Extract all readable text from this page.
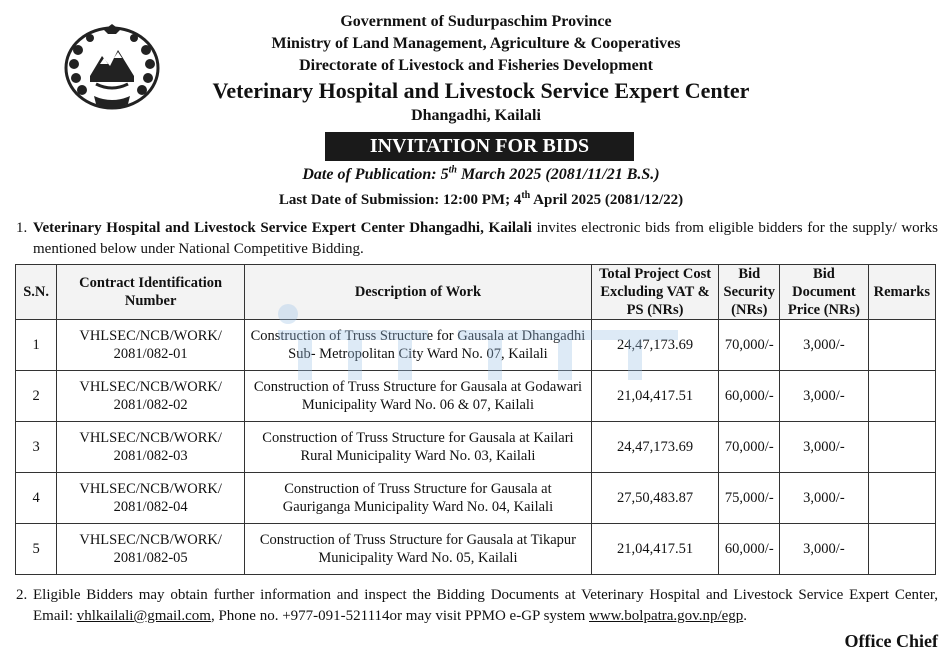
Government of Sudurpaschim Province
Ministry of Land Management, Agriculture & Cooperatives
Directorate of Livestock and Fisheries Development
Veterinary Hospital and Livestock Service Expert Center
Dhangadhi, Kailali
INVITATION FOR BIDS
Date of Publication: 5th March 2025 (2081/11/21 B.S.)
Last Date of Submission: 12:00 PM; 4th April 2025 (2081/12/22)
1. Veterinary Hospital and Livestock Service Expert Center Dhangadhi, Kailali invites electronic bids from eligible bidders for the supply/ works mentioned below under National Competitive Bidding.
S.N.	Contract Identification Number	Description of Work	Total Project Cost Excluding VAT & PS (NRs)	Bid Security (NRs)	Bid Document Price (NRs)	Remarks
1	VHLSEC/NCB/WORK/ 2081/082-01	Construction of Truss Structure for Gausala at Dhangadhi Sub- Metropolitan City Ward No. 07, Kailali	24,47,173.69	70,000/-	3,000/-	
2	VHLSEC/NCB/WORK/ 2081/082-02	Construction of Truss Structure for Gausala at Godawari Municipality Ward No. 06 & 07, Kailali	21,04,417.51	60,000/-	3,000/-	
3	VHLSEC/NCB/WORK/ 2081/082-03	Construction of Truss Structure for Gausala at Kailari Rural Municipality Ward No. 03, Kailali	24,47,173.69	70,000/-	3,000/-	
4	VHLSEC/NCB/WORK/ 2081/082-04	Construction of Truss Structure for Gausala at Gauriganga Municipality Ward No. 04, Kailali	27,50,483.87	75,000/-	3,000/-	
5	VHLSEC/NCB/WORK/ 2081/082-05	Construction of Truss Structure for Gausala at Tikapur Municipality Ward No. 05, Kailali	21,04,417.51	60,000/-	3,000/-	
2. Eligible Bidders may obtain further information and inspect the Bidding Documents at Veterinary Hospital and Livestock Service Expert Center, Email: vhlkailali@gmail.com, Phone no. +977-091-521114or may visit PPMO e-GP system www.bolpatra.gov.np/egp.
Office Chief
